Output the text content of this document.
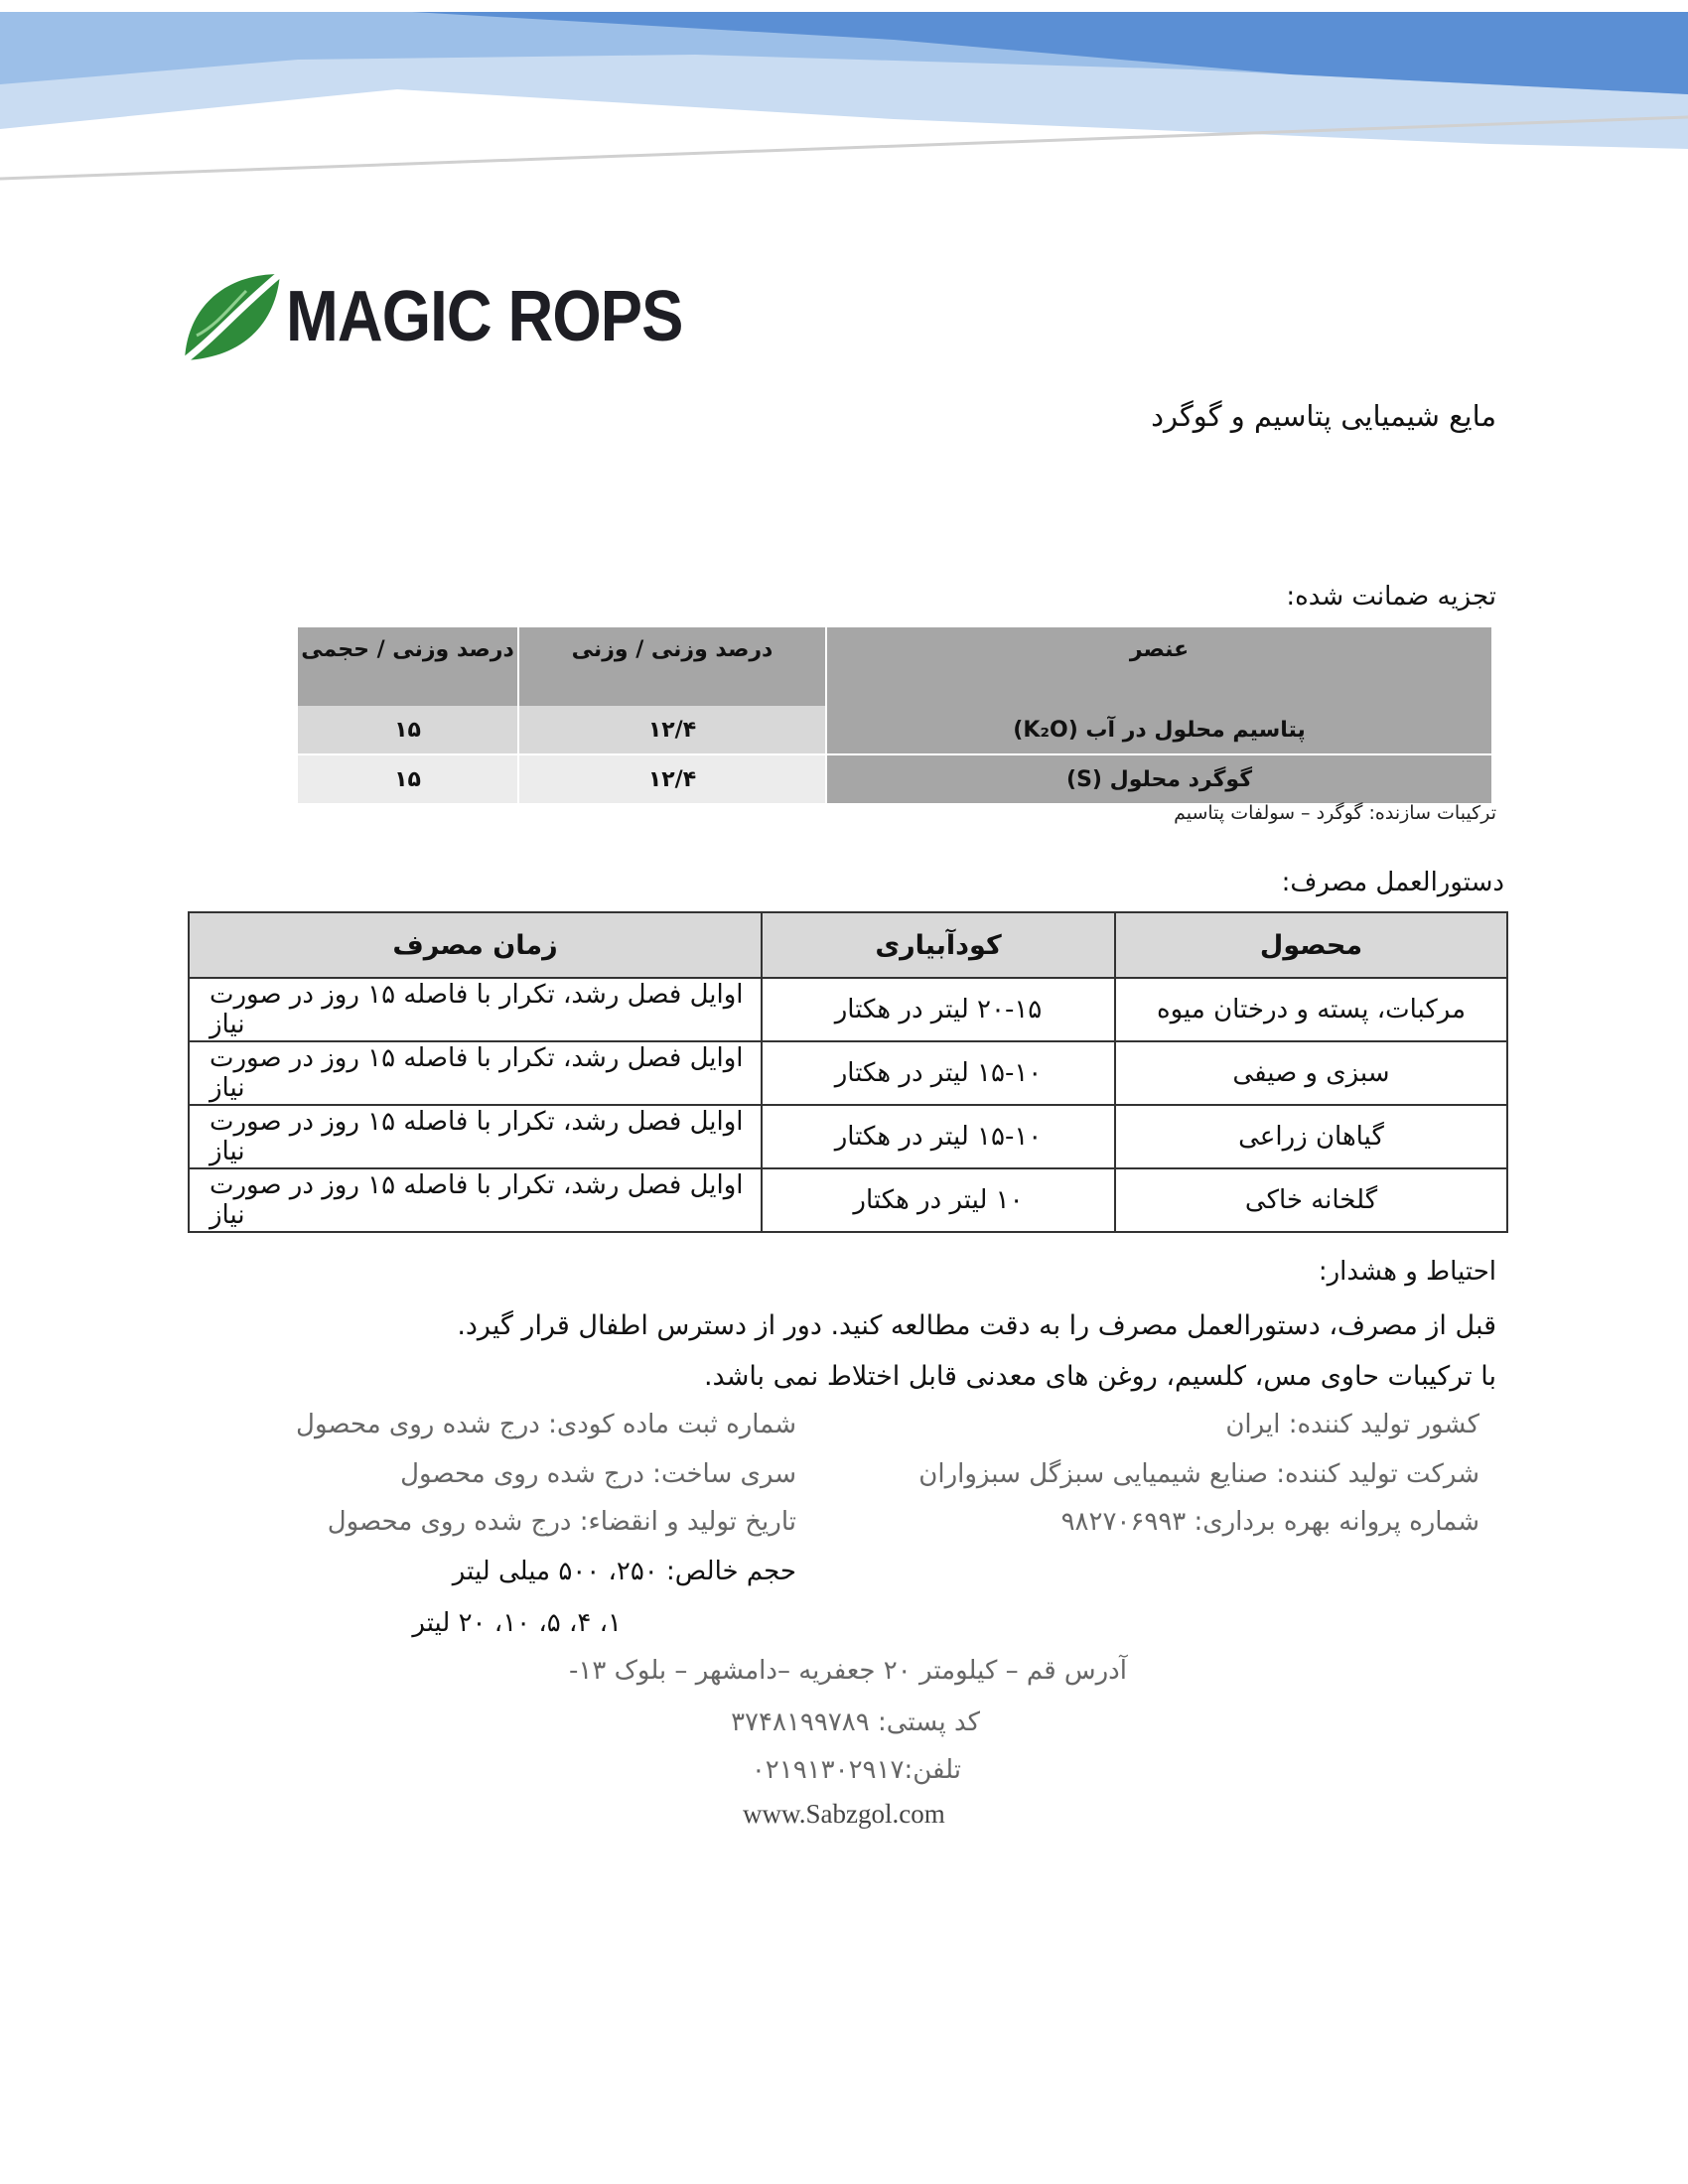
MAGIC ROPS
مایع شیمیایی پتاسیم و گوگرد
تجزیه ضمانت شده:
عنصر	درصد وزنی / وزنی	درصد وزنی / حجمی
پتاسیم محلول در آب (K₂O)	۱۲/۴	۱۵
گوگرد محلول (S)	۱۲/۴	۱۵
ترکیبات سازنده: گوگرد – سولفات پتاسیم
دستورالعمل مصرف:
محصول	کودآبیاری	زمان مصرف
مرکبات، پسته و درختان میوه	۲۰-۱۵ لیتر در هکتار	اوایل فصل رشد، تکرار با فاصله ۱۵ روز در صورت نیاز
سبزی و صیفی	۱۵-۱۰ لیتر در هکتار	اوایل فصل رشد، تکرار با فاصله ۱۵ روز در صورت نیاز
گیاهان زراعی	۱۵-۱۰ لیتر در هکتار	اوایل فصل رشد، تکرار با فاصله ۱۵ روز در صورت نیاز
گلخانه خاکی	۱۰ لیتر در هکتار	اوایل فصل رشد، تکرار با فاصله ۱۵ روز در صورت نیاز
احتیاط و هشدار:
قبل از مصرف، دستورالعمل مصرف را به دقت مطالعه کنید. دور از دسترس اطفال قرار گیرد.
با ترکیبات حاوی مس، کلسیم، روغن های معدنی قابل اختلاط نمی باشد.
کشور تولید کننده: ایران
شماره ثبت ماده کودی: درج شده روی محصول
شرکت تولید کننده: صنایع شیمیایی سبزگل سبزواران
سری ساخت: درج شده روی محصول
شماره پروانه بهره برداری: ۹۸۲۷۰۶۹۹۳
تاریخ تولید و انقضاء: درج شده روی محصول
حجم خالص: ۲۵۰، ۵۰۰ میلی لیتر
۱، ۴، ۵، ۱۰، ۲۰ لیتر
آدرس قم – کیلومتر ۲۰ جعفریه –دامشهر – بلوک ۱۳-
کد پستی: ۳۷۴۸۱۹۹۷۸۹
تلفن:۰۲۱۹۱۳۰۲۹۱۷
www.Sabzgol.com
